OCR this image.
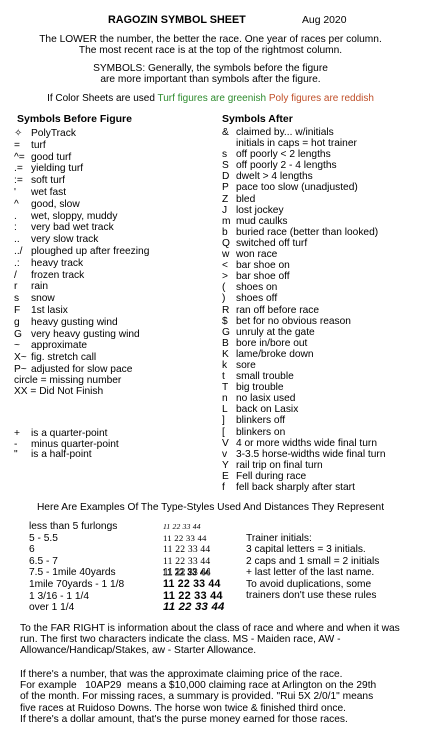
RAGOZIN SYMBOL SHEET	Aug 2020
The LOWER the number, the better the race. One year of races per column.
The most recent race is at the top of the rightmost column.
SYMBOLS: Generally, the symbols before the figure
are more important than symbols after the figure.
If Color Sheets are used Turf figures are greenish Poly figures are reddish
Symbols Before Figure
✧ PolyTrack
=	turf
^= good turf
.= yielding turf
:= soft turf
'	wet fast
^	good, slow
.	wet, sloppy, muddy
:	very bad wet track
..	very slow track
../ ploughed up after freezing
.:	heavy track
/	frozen track
r	rain
s	snow
F	1st lasix
g	heavy gusting wind
G very heavy gusting wind
~	approximate
X~ fig. stretch call
P~ adjusted for slow pace
circle = missing number
XX = Did Not Finish
+	is a quarter-point
-	minus quarter-point
"	is a half-point
Symbols After
& claimed by... w/initials
initials in caps = hot trainer
s off poorly < 2 lengths
S off poorly 2 - 4 lengths
D dwelt > 4 lengths
P pace too slow (unadjusted)
Z bled
J lost jockey
m mud caulks
b buried race (better than looked)
Q switched off turf
w won race
< bar shoe on
> bar shoe off
(	shoes on
)	shoes off
R ran off before race
$ bet for no obvious reason
G unruly at the gate
B bore in/bore out
K lame/broke down
k sore
t	small trouble
T big trouble
n no lasix used
L back on Lasix
]	blinkers off
[	blinkers on
V 4 or more widths wide final turn
v 3-3.5 horse-widths wide final turn
Y rail trip on final turn
E Fell during race
f	fell back sharply after start
Here Are Examples Of The Type-Styles Used And Distances They Represent
less than 5 furlongs	11 22 33 44
5 - 5.5	11 22 33 44
6	11 22 33 44
6.5 - 7	11 22 33 44
7.5 - 1mile 40yards	11 22 33 44
1mile 70yards - 1 1/8	11 22 33 44
1 3/16 - 1 1/4	11 22 33 44
over 1 1/4	11 22 33 44
Trainer initials:
3 capital letters = 3 initials.
2 caps and 1 small = 2 initials
+ last letter of the last name.
To avoid duplications, some
trainers don't use these rules
To the FAR RIGHT is information about the class of race and where and when it was run. The first two characters indicate the class. MS - Maiden race, AW - Allowance/Handicap/Stakes, aw - Starter Allowance.
If there's a number, that was the approximate claiming price of the race.
For example   10AP29  means a $10,000 claiming race at Arlington on the 29th
of the month. For missing races, a summary is provided. "Rui 5X 2/0/1" means
five races at Ruidoso Downs. The horse won twice & finished third once.
If there's a dollar amount, that's the purse money earned for those races.
